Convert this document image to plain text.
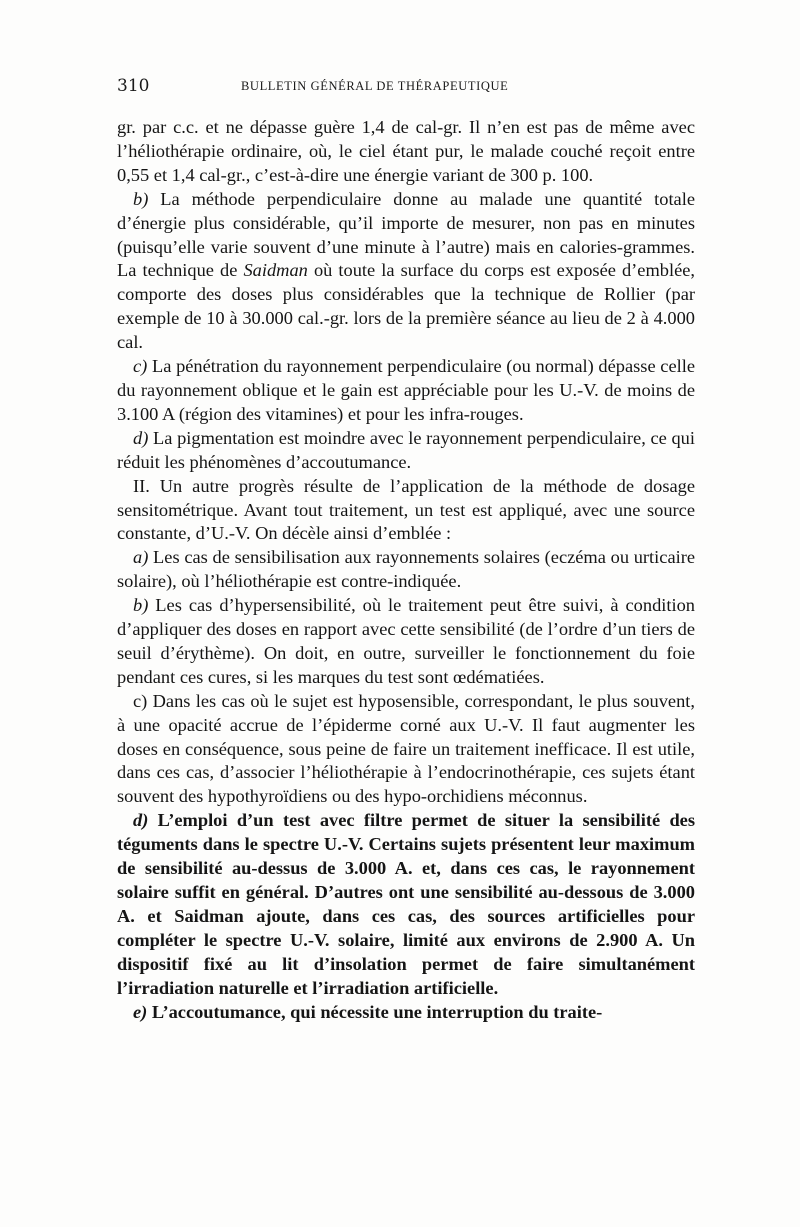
310	BULLETIN GÉNÉRAL DE THÉRAPEUTIQUE

gr. par c.c. et ne dépasse guère 1,4 de cal-gr. Il n’en est pas de même avec l’héliothérapie ordinaire, où, le ciel étant pur, le malade couché reçoit entre 0,55 et 1,4 cal-gr., c’est-à-dire une énergie variant de 300 p. 100.

b) La méthode perpendiculaire donne au malade une quantité totale d’énergie plus considérable, qu’il importe de mesurer, non pas en minutes (puisqu’elle varie souvent d’une minute à l’autre) mais en calories-grammes. La technique de Saidman où toute la surface du corps est exposée d’emblée, comporte des doses plus considérables que la technique de Rollier (par exemple de 10 à 30.000 cal.-gr. lors de la première séance au lieu de 2 à 4.000 cal.

c) La pénétration du rayonnement perpendiculaire (ou normal) dépasse celle du rayonnement oblique et le gain est appréciable pour les U.-V. de moins de 3.100 A (région des vitamines) et pour les infra-rouges.

d) La pigmentation est moindre avec le rayonnement perpendiculaire, ce qui réduit les phénomènes d’accoutumance.

II. Un autre progrès résulte de l’application de la méthode de dosage sensitométrique. Avant tout traitement, un test est appliqué, avec une source constante, d’U.-V. On décèle ainsi d’emblée :

a) Les cas de sensibilisation aux rayonnements solaires (eczéma ou urticaire solaire), où l’héliothérapie est contre-indiquée.

b) Les cas d’hypersensibilité, où le traitement peut être suivi, à condition d’appliquer des doses en rapport avec cette sensibilité (de l’ordre d’un tiers de seuil d’érythème). On doit, en outre, surveiller le fonctionnement du foie pendant ces cures, si les marques du test sont œdématiées.

c) Dans les cas où le sujet est hyposensible, correspondant, le plus souvent, à une opacité accrue de l’épiderme corné aux U.-V. Il faut augmenter les doses en conséquence, sous peine de faire un traitement inefficace. Il est utile, dans ces cas, d’associer l’héliothérapie à l’endocrinothérapie, ces sujets étant souvent des hypothyroïdiens ou des hypo-orchidiens méconnus.

d) L’emploi d’un test avec filtre permet de situer la sensibilité des téguments dans le spectre U.-V. Certains sujets présentent leur maximum de sensibilité au-dessus de 3.000 A. et, dans ces cas, le rayonnement solaire suffit en général. D’autres ont une sensibilité au-dessous de 3.000 A. et Saidman ajoute, dans ces cas, des sources artificielles pour compléter le spectre U.-V. solaire, limité aux environs de 2.900 A. Un dispositif fixé au lit d’insolation permet de faire simultanément l’irradiation naturelle et l’irradiation artificielle.

e) L’accoutumance, qui nécessite une interruption du traite-
